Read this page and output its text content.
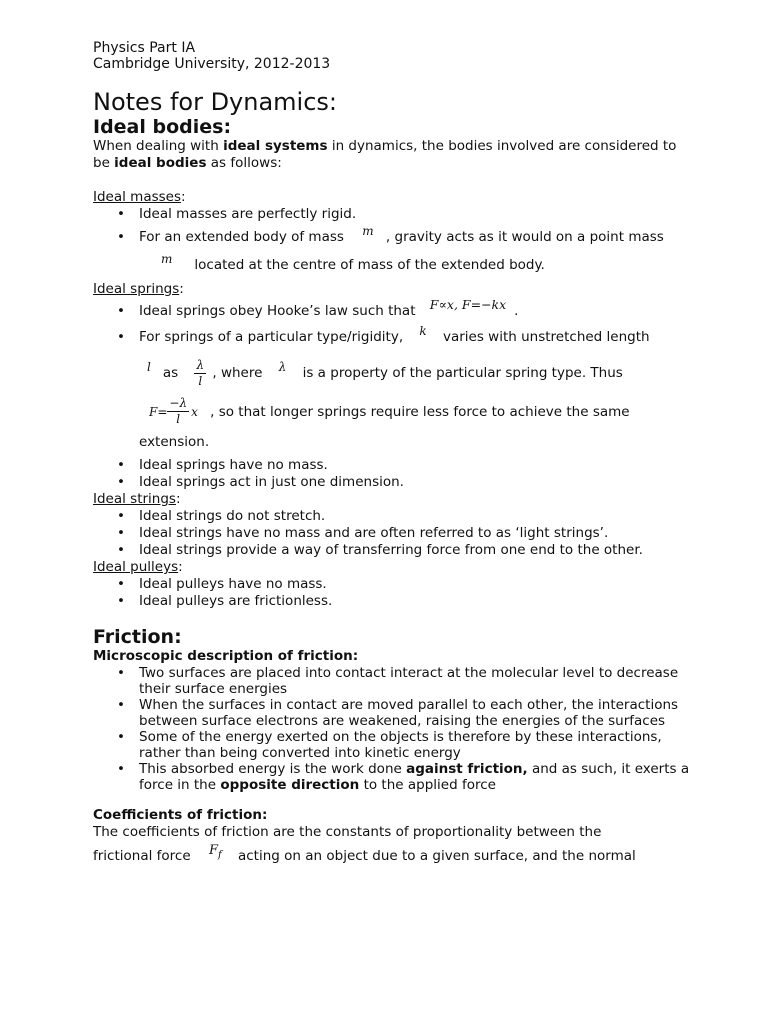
Physics Part IA
Cambridge University, 2012-2013
Notes for Dynamics:
Ideal bodies:

When dealing with ideal systems in dynamics, the bodies involved are considered to be ideal bodies as follows:

Ideal masses:

• Ideal masses are perfectly rigid.
• For an extended body of mass m , gravity acts as it would on a point mass m located at the centre of mass of the extended body.

Ideal springs:

• Ideal springs obey Hooke’s law such that F∝x, F=−kx .
• For springs of a particular type/rigidity, k varies with unstretched length
l as $\frac{\lambda}{l}$ , where λ is a property of the particular spring type. Thus
$F= \frac{-\lambda}{l}$ x , so that longer springs require less force to achieve the same extension.
• Ideal springs have no mass.
• Ideal springs act in just one dimension.

Ideal strings:

• Ideal strings do not stretch.
• Ideal strings have no mass and are often referred to as ‘light strings’.
• Ideal strings provide a way of transferring force from one end to the other.

Ideal pulleys:

• Ideal pulleys have no mass.
• Ideal pulleys are frictionless.
Friction:
Microscopic description of friction:
• Two surfaces are placed into contact interact at the molecular level to decrease their surface energies
• When the surfaces in contact are moved parallel to each other, the interactions between surface electrons are weakened, raising the energies of the surfaces
• Some of the energy exerted on the objects is therefore by these interactions, rather than being converted into kinetic energy
• This absorbed energy is the work done against friction, and as such, it exerts a force in the opposite direction to the applied force
Coefficients of friction:

The coefficients of friction are the constants of proportionality between the
frictional force $F_f$ acting on an object due to a given surface, and the normal
